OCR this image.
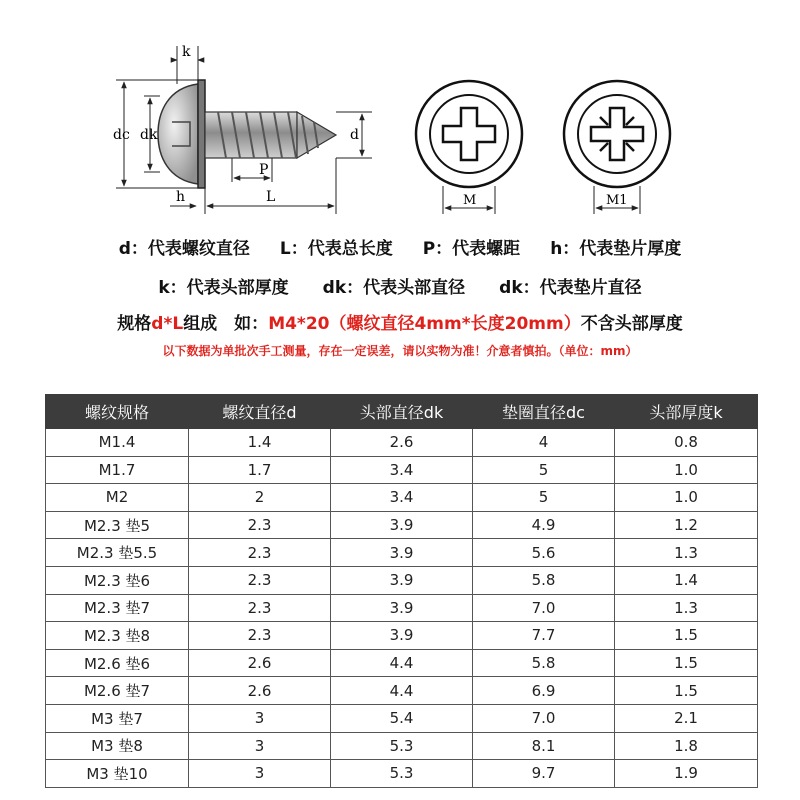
k
dc dk	d
P
h	L	M	M1
d：代表螺纹直径 L：代表总长度 P：代表螺距 h：代表垫片厚度
k：代表头部厚度 dk：代表头部直径 dk：代表垫片直径
规格d*L组成　如：M4*20（螺纹直径4mm*长度20mm）不含头部厚度
以下数据为单批次手工测量，存在一定误差，请以实物为准！介意者慎拍。（单位：mm）
螺纹规格	螺纹直径d	头部直径dk	垫圈直径dc	头部厚度k
M1.4	1.4	2.6	4	0.8
M1.7	1.7	3.4	5	1.0
M2	2	3.4	5	1.0
M2.3 垫5	2.3	3.9	4.9	1.2
M2.3 垫5.5	2.3	3.9	5.6	1.3
M2.3 垫6	2.3	3.9	5.8	1.4
M2.3 垫7	2.3	3.9	7.0	1.3
M2.3 垫8	2.3	3.9	7.7	1.5
M2.6 垫6	2.6	4.4	5.8	1.5
M2.6 垫7	2.6	4.4	6.9	1.5
M3 垫7	3	5.4	7.0	2.1
M3 垫8	3	5.3	8.1	1.8
M3 垫10	3	5.3	9.7	1.9
